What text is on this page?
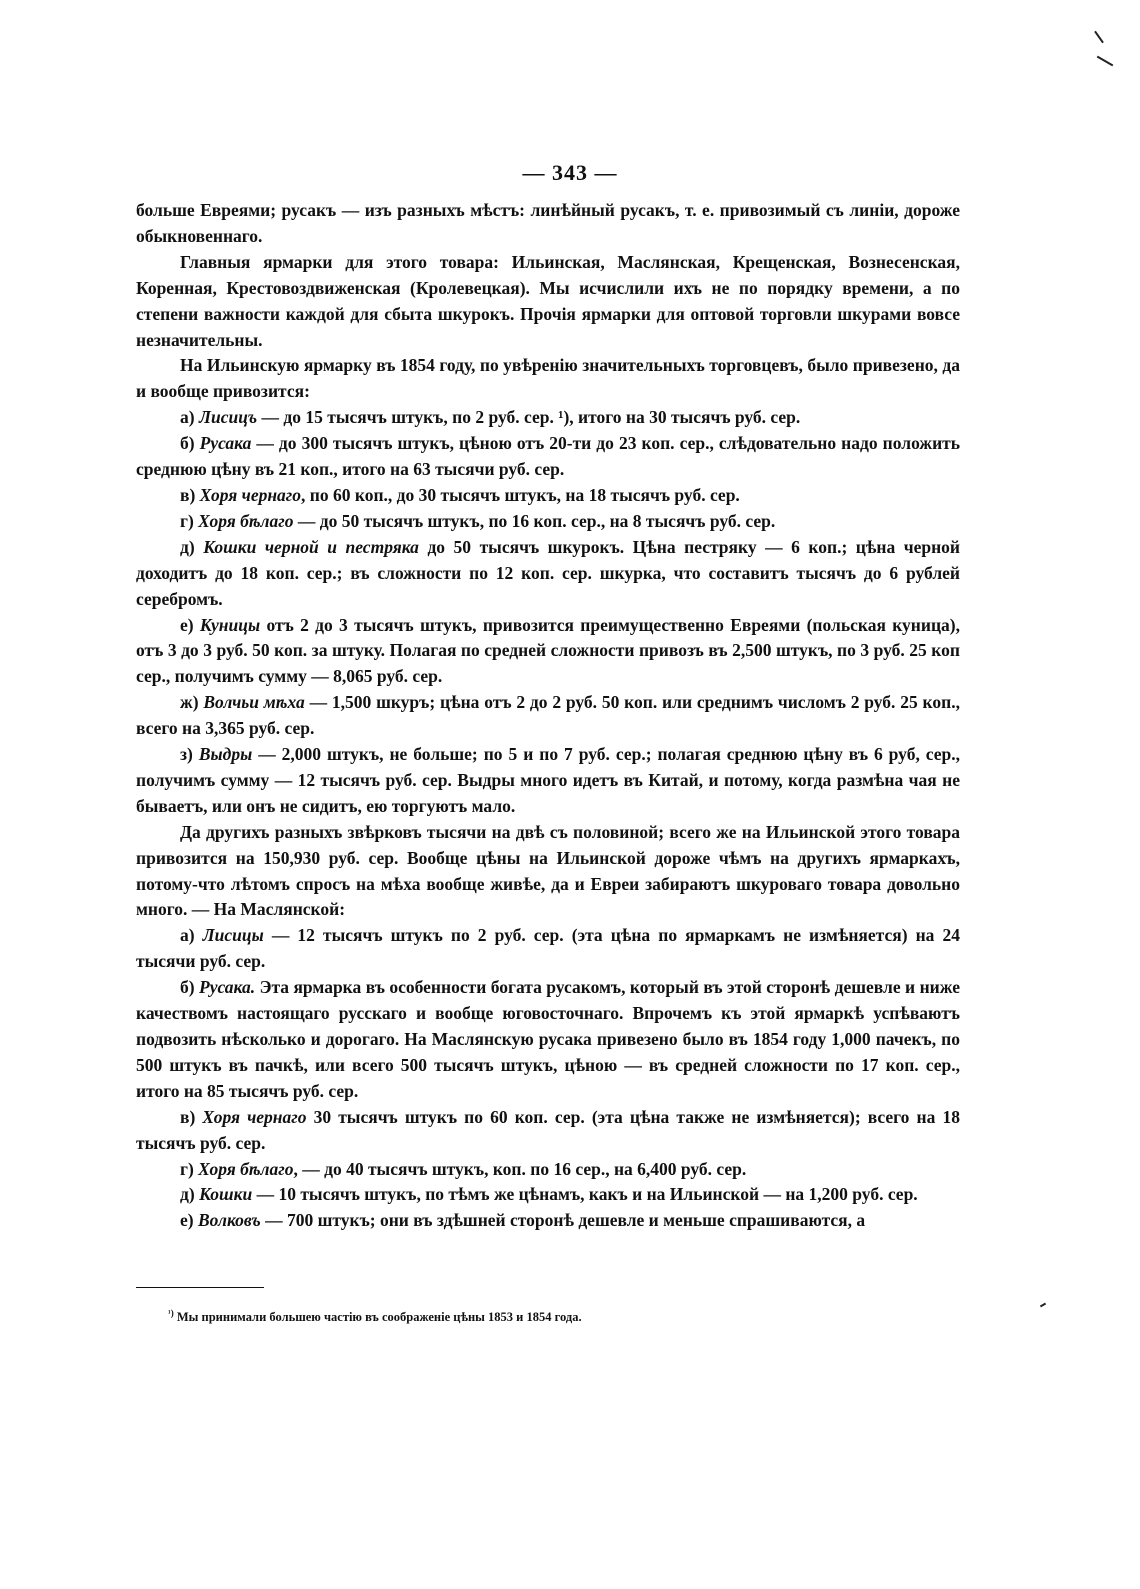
— 343 —

больше Евреями; русакъ — изъ разныхъ мѣстъ: линѣйный русакъ, т. е. привозимый съ линiи, дороже обыкновеннаго.

Главныя ярмарки для этого товара: Ильинская, Маслянская, Крещенская, Вознесенская, Коренная, Крестовоздвиженская (Кролевецкая). Мы исчислили ихъ не по порядку времени, а по степени важности каждой для сбыта шкурокъ. Прочiя ярмарки для оптовой торговли шкурами вовсе незначительны.

На Ильинскую ярмарку въ 1854 году, по увѣренiю значительныхъ торговцевъ, было привезено, да и вообще привозится:

а) Лисицъ — до 15 тысячъ штукъ, по 2 руб. сер. ¹), итого на 30 тысячъ руб. сер.

б) Русака — до 300 тысячъ штукъ, цѣною отъ 20-ти до 23 коп. сер., слѣдовательно надо положить среднюю цѣну въ 21 коп., итого на 63 тысячи руб. сер.

в) Хоря чернаго, по 60 коп., до 30 тысячъ штукъ, на 18 тысячъ руб. сер.

г) Хоря бѣлаго — до 50 тысячъ штукъ, по 16 коп. сер., на 8 тысячъ руб. сер.

д) Кошки черной и пестряка до 50 тысячъ шкурокъ. Цѣна пестряку — 6 коп.; цѣна черной доходитъ до 18 коп. сер.; въ сложности по 12 коп. сер. шкурка, что составитъ тысячъ до 6 рублей серебромъ.

е) Куницы отъ 2 до 3 тысячъ штукъ, привозится преимущественно Евреями (польская куница), отъ 3 до 3 руб. 50 коп. за штуку. Полагая по средней сложности привозъ въ 2,500 штукъ, по 3 руб. 25 коп сер., получимъ сумму — 8,065 руб. сер.

ж) Волчьи мѣха — 1,500 шкуръ; цѣна отъ 2 до 2 руб. 50 коп. или среднимъ числомъ 2 руб. 25 коп., всего на 3,365 руб. сер.

з) Выдры — 2,000 штукъ, не больше; по 5 и по 7 руб. сер.; полагая среднюю цѣну въ 6 руб, сер., получимъ сумму — 12 тысячъ руб. сер. Выдры много идетъ въ Китай, и потому, когда размѣна чая не бываетъ, или онъ не сидитъ, ею торгуютъ мало.

Да другихъ разныхъ звѣрковъ тысячи на двѣ съ половиной; всего же на Ильинской этого товара привозится на 150,930 руб. сер. Вообще цѣны на Ильинской дороже чѣмъ на другихъ ярмаркахъ, потому-что лѣтомъ спросъ на мѣха вообще живѣе, да и Евреи забираютъ шкуроваго товара довольно много. — На Маслянской:

а) Лисицы — 12 тысячъ штукъ по 2 руб. сер. (эта цѣна по ярмаркамъ не измѣняется) на 24 тысячи руб. сер.

б) Русака. Эта ярмарка въ особенности богата русакомъ, который въ этой сторонѣ дешевле и ниже качествомъ настоящаго русскаго и вообще юговосточнаго. Впрочемъ къ этой ярмаркѣ успѣваютъ подвозить нѣсколько и дорогаго. На Маслянскую русака привезено было въ 1854 году 1,000 пачекъ, по 500 штукъ въ пачкѣ, или всего 500 тысячъ штукъ, цѣною — въ средней сложности по 17 коп. сер., итого на 85 тысячъ руб. сер.

в) Хоря чернаго 30 тысячъ штукъ по 60 коп. сер. (эта цѣна также не измѣняется); всего на 18 тысячъ руб. сер.

г) Хоря бѣлаго, — до 40 тысячъ штукъ, коп. по 16 сер., на 6,400 руб. сер.

д) Кошки — 10 тысячъ штукъ, по тѣмъ же цѣнамъ, какъ и на Ильинской — на 1,200 руб. сер.

е) Волковъ — 700 штукъ; они въ здѣшней сторонѣ дешевле и меньше спрашиваются, а

$^{^1)}$ Мы принимали большею частiю въ соображенiе цѣны 1853 и 1854 года.
